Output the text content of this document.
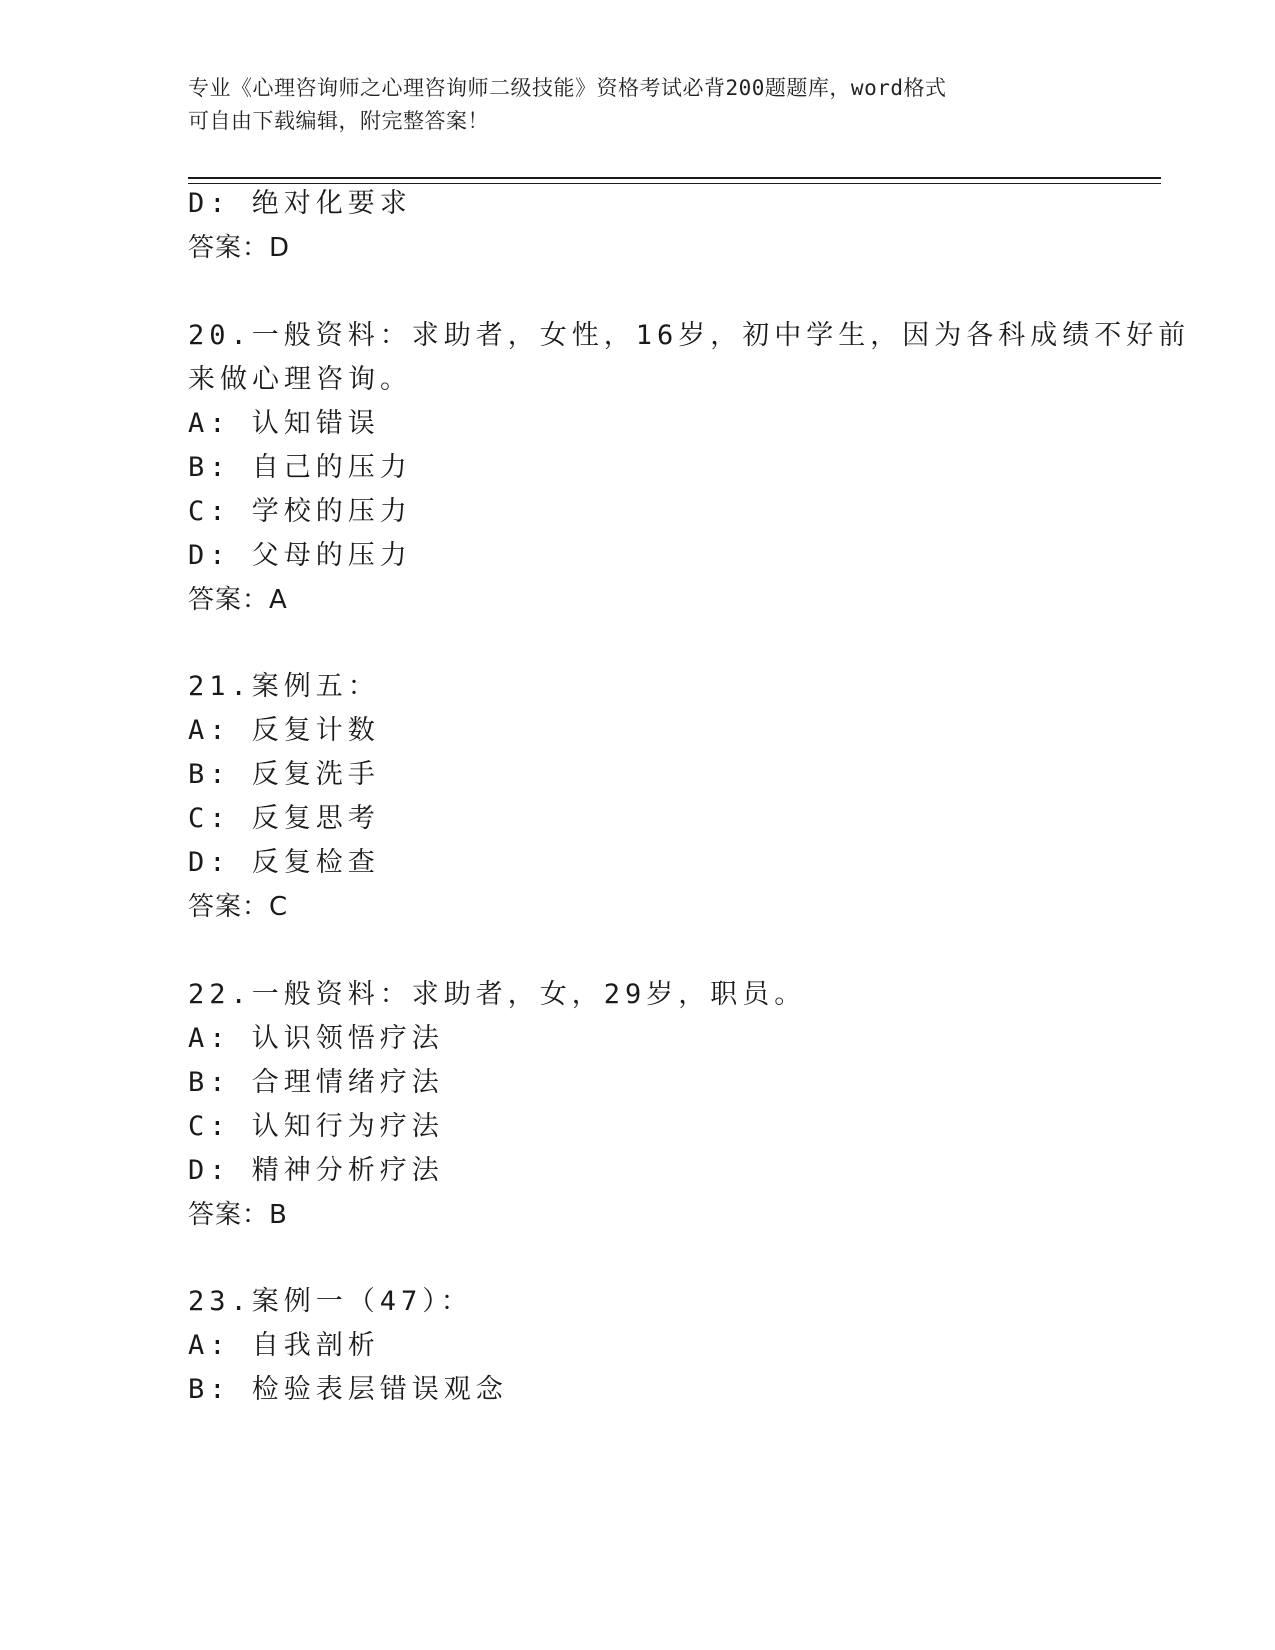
专业《心理咨询师之心理咨询师二级技能》资格考试必背200题题库，word格式
可自由下载编辑，附完整答案！
D: 绝对化要求
答案：D
20.一般资料：求助者，女性，16岁，初中学生，因为各科成绩不好前
来做心理咨询。
A: 认知错误
B: 自己的压力
C: 学校的压力
D: 父母的压力
答案：A
21.案例五：
A: 反复计数
B: 反复洗手
C: 反复思考
D: 反复检查
答案：C
22.一般资料：求助者，女，29岁，职员。
A: 认识领悟疗法
B: 合理情绪疗法
C: 认知行为疗法
D: 精神分析疗法
答案：B
23.案例一（47）：
A: 自我剖析
B: 检验表层错误观念
